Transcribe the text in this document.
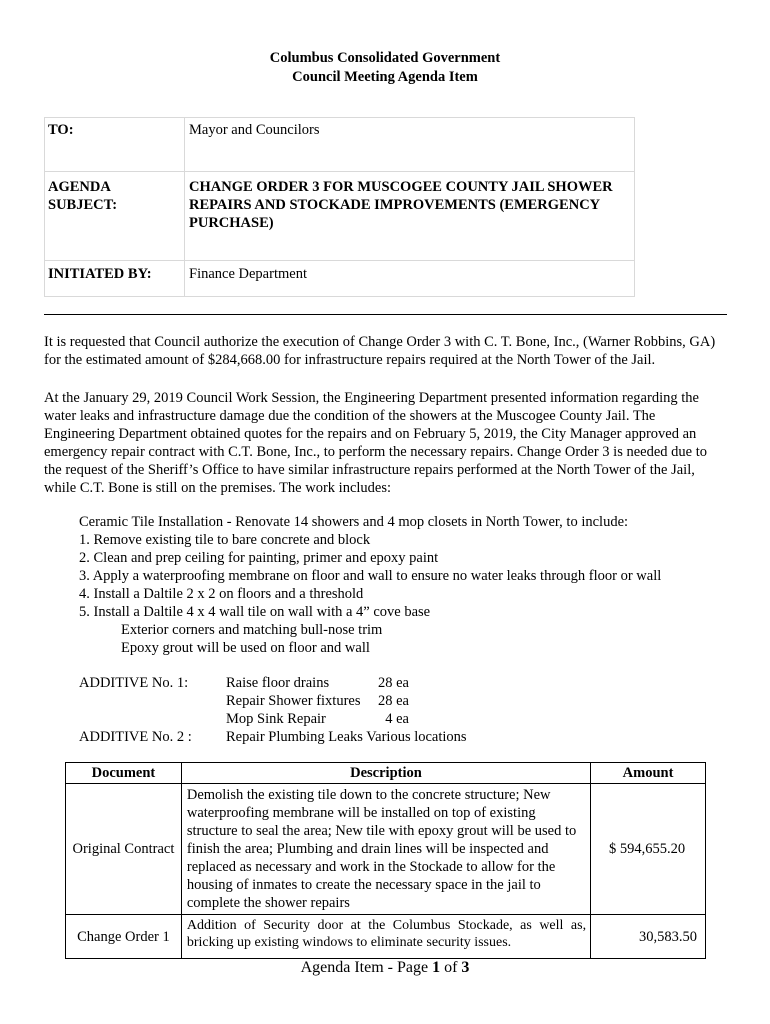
Columbus Consolidated Government
Council Meeting Agenda Item
TO:	Mayor and Councilors
AGENDA SUBJECT:	CHANGE ORDER 3 FOR MUSCOGEE COUNTY JAIL SHOWER REPAIRS AND STOCKADE IMPROVEMENTS (EMERGENCY PURCHASE)
INITIATED BY:	Finance Department
It is requested that Council authorize the execution of Change Order 3 with C. T. Bone, Inc., (Warner Robbins, GA) for the estimated amount of $284,668.00 for infrastructure repairs required at the North Tower of the Jail.
At the January 29, 2019 Council Work Session, the Engineering Department presented information regarding the water leaks and infrastructure damage due the condition of the showers at the Muscogee County Jail. The Engineering Department obtained quotes for the repairs and on February 5, 2019, the City Manager approved an emergency repair contract with C.T. Bone, Inc., to perform the necessary repairs. Change Order 3 is needed due to the request of the Sheriff’s Office to have similar infrastructure repairs performed at the North Tower of the Jail, while C.T. Bone is still on the premises. The work includes:
Ceramic Tile Installation - Renovate 14 showers and 4 mop closets in North Tower, to include:
1. Remove existing tile to bare concrete and block
2. Clean and prep ceiling for painting, primer and epoxy paint
3. Apply a waterproofing membrane on floor and wall to ensure no water leaks through floor or wall
4. Install a Daltile 2 x 2 on floors and a threshold
5. Install a Daltile 4 x 4 wall tile on wall with a 4” cove base
Exterior corners and matching bull-nose trim
Epoxy grout will be used on floor and wall
ADDITIVE No. 1:	Raise floor drains	28 ea
Repair Shower fixtures	28 ea
Mop Sink Repair	4 ea
ADDITIVE No. 2 : Repair Plumbing Leaks Various locations
Document	Description	Amount
Original Contract	Demolish the existing tile down to the concrete structure; New waterproofing membrane will be installed on top of existing structure to seal the area; New tile with epoxy grout will be used to finish the area; Plumbing and drain lines will be inspected and replaced as necessary and work in the Stockade to allow for the housing of inmates to create the necessary space in the jail to complete the shower repairs	$ 594,655.20
Change Order 1	Addition of Security door at the Columbus Stockade, as well as, bricking up existing windows to eliminate security issues.	30,583.50
Agenda Item - Page 1 of 3
